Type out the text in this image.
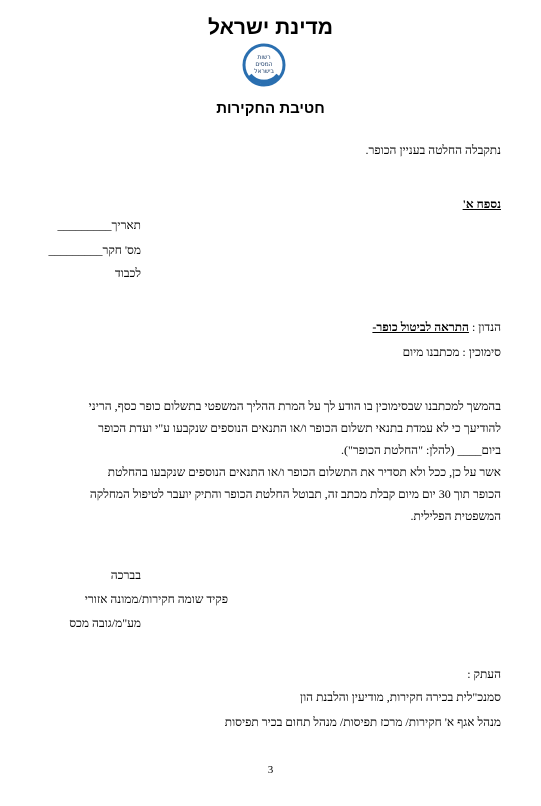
מדינת ישראל
רשות
המסים
בישראל
חטיבת החקירות
נתקבלה החלטה בעניין הכופר.
נספח א'
תאריך_________
מס' חקר_________
לכבוד
הנדון : התראה לביטול כופר-
סימוכין : מכתבנו מיום
בהמשך למכתבנו שבסימוכין בו הודע לך על המרת ההליך המשפטי בתשלום כופר כסף, הריני
להודיעך כי לא עמדת בתנאי תשלום הכופר ו/או התנאים הנוספים שנקבעו ע"י ועדת הכופר
ביום____ (להלן: "החלטת הכופר").
אשר על כן, ככל ולא תסדיר את התשלום הכופר ו/או התנאים הנוספים שנקבעו בהחלטת
הכופר תוך 30 יום מיום קבלת מכתב זה, תבוטל החלטת הכופר והתיק יועבר לטיפול המחלקה
המשפטית הפלילית.
בברכה
פקיד שומה חקירות/ממונה אזורי
מע"מ/גובה מכס
העתק :
סמנכ"לית בכירה חקירות, מודיעין והלבנת הון
מנהל אגף א' חקירות/ מרכז תפיסות/ מנהל תחום בכיר תפיסות
3
